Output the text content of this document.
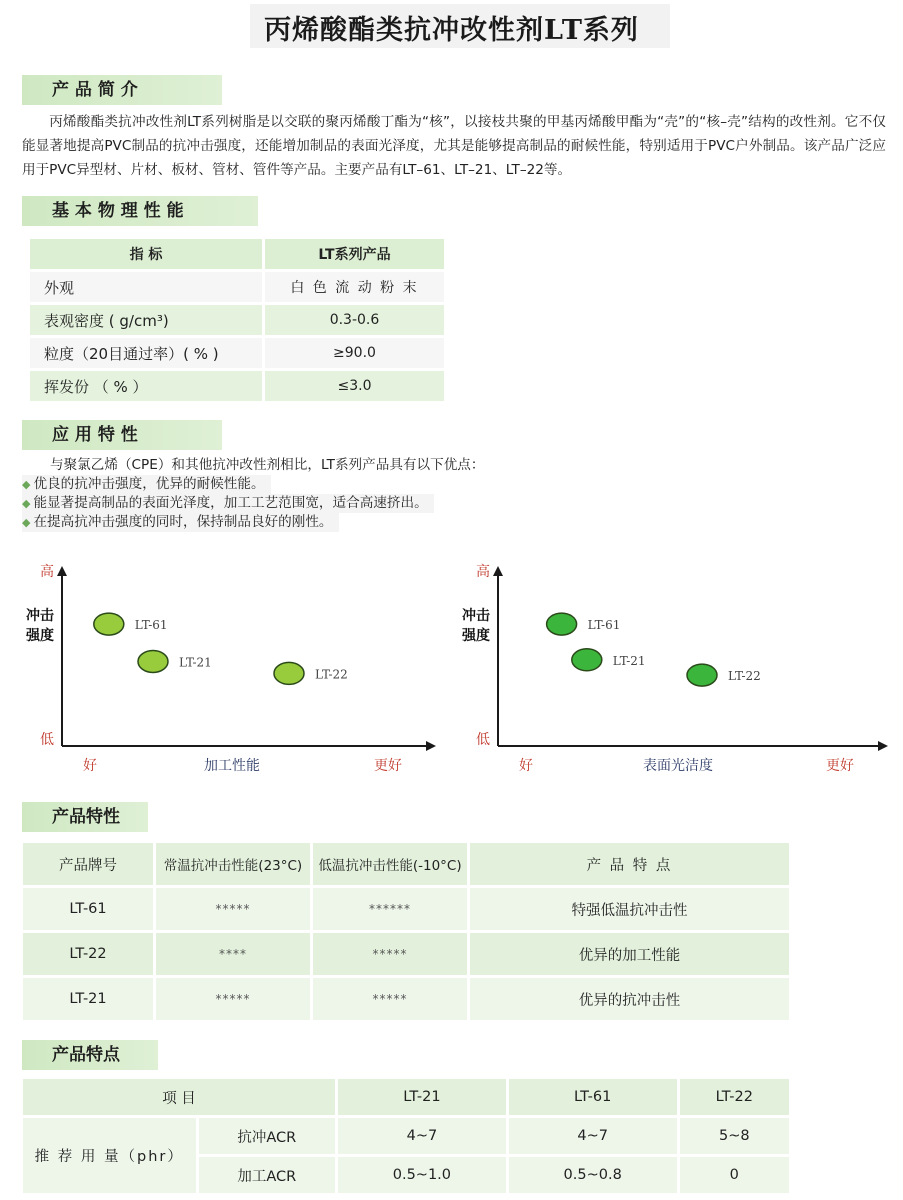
丙烯酸酯类抗冲改性剂LT系列
产 品 简 介
丙烯酸酯类抗冲改性剂LT系列树脂是以交联的聚丙烯酸丁酯为“核”，以接枝共聚的甲基丙烯酸甲酯为“壳”的“核–壳”结构的改性剂。它不仅能显著地提高PVC制品的抗冲击强度，还能增加制品的表面光泽度，尤其是能够提高制品的耐候性能，特别适用于PVC户外制品。该产品广泛应用于PVC异型材、片材、板材、管材、管件等产品。主要产品有LT–61、LT–21、LT–22等。
基 本 物 理 性 能
指 标	LT系列产品
外观	白 色 流 动 粉 末
表观密度 ( g/cm³)	0.3-0.6
粒度（20目通过率）( % )	≥90.0
挥发份 （ % ）	≤3.0
应 用 特 性
与聚氯乙烯（CPE）和其他抗冲改性剂相比，LT系列产品具有以下优点：
◆ 优良的抗冲击强度，优异的耐候性能。
◆ 能显著提高制品的表面光泽度，加工工艺范围宽，适合高速挤出。
◆ 在提高抗冲击强度的同时，保持制品良好的刚性。
高
低
冲击
强度
好	加工性能	更好
LT-61
LT-21
LT-22
高
低
冲击
强度
好	表面光洁度	更好
LT-61
LT-21
LT-22
产品特性
产品牌号	常温抗冲击性能(23°C)	低温抗冲击性能(-10°C)	产 品 特 点
LT-61	*****	******	特强低温抗冲击性
LT-22	****	*****	优异的加工性能
LT-21	*****	*****	优异的抗冲击性
产品特点
项 目		LT-21	LT-61	LT-22
推 荐 用 量（phr）	抗冲ACR	4~7	4~7	5~8
	加工ACR	0.5~1.0	0.5~0.8	0
